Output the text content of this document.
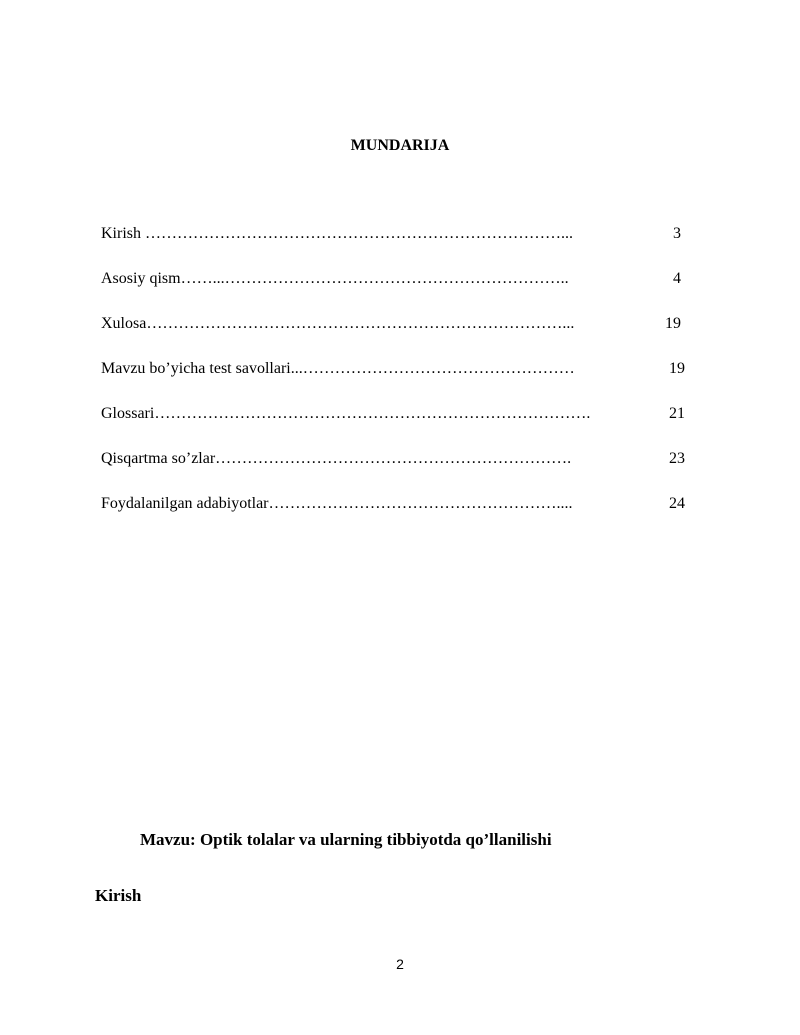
MUNDARIJA
Kirish ……………………………………………………………………...	3
Asosiy qism……...………………………………………………………..	4
Xulosa……………………………………………………………………...	19
Mavzu bo’yicha test savollari...……………………………………………	19
Glossari……………………………………………………………………….	21
Qisqartma so’zlar………………………………………………………….	23
Foydalanilgan adabiyotlar………………………………………………....	24
Mavzu: Optik tolalar va ularning tibbiyotda qo’llanilishi
Kirish
2
